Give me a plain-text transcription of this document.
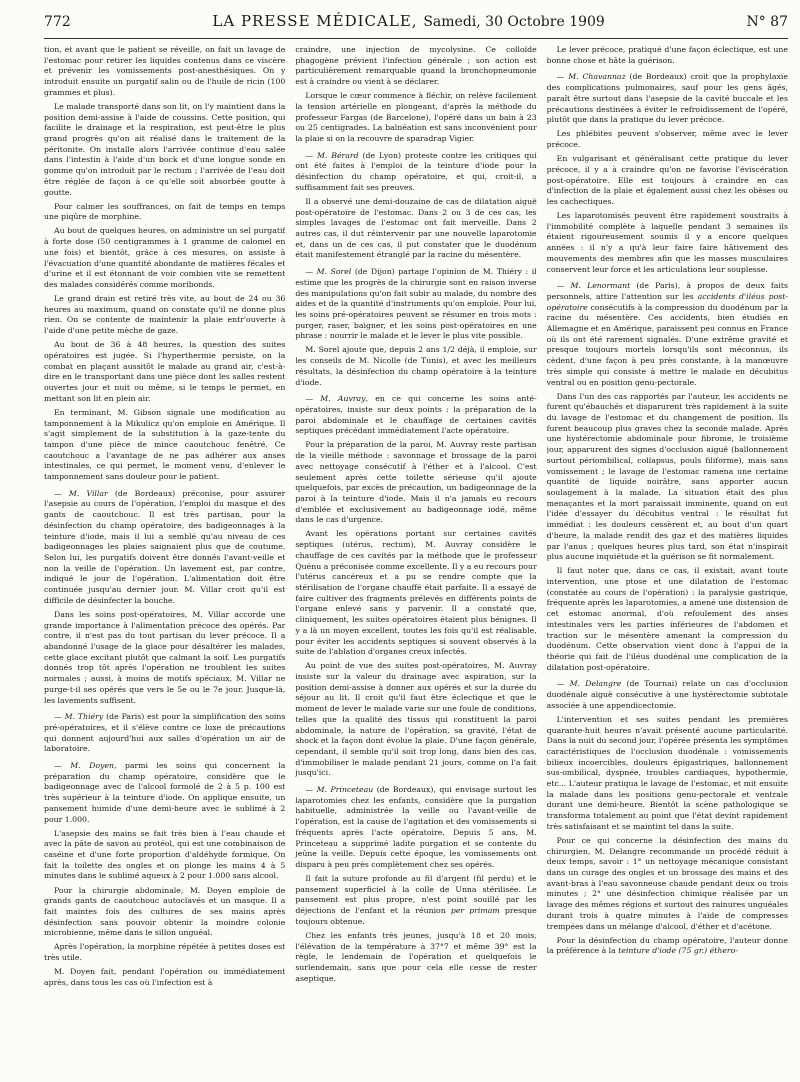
772	LA PRESSE MÉDICALE, Samedi, 30 Octobre 1909	N° 87

tion, et avant que le patient se réveille, on fait un lavage de l'estomac pour retirer les liquides contenus dans ce viscère et prévenir les vomissements post-anesthésiques. On y introduit ensuite un purgatif salin ou de l'huile de ricin (100 grammes et plus).

Le malade transporté dans son lit, on l'y maintient dans la position demi-assise à l'aide de coussins. Cette position, qui facilite le drainage et la respiration, est peut-être le plus grand progrès qu'on ait réalisé dans le traitement de la péritonite. On installe alors l'arrivée continue d'eau salée dans l'intestin à l'aide d'un bock et d'une longue sonde en gomme qu'on introduit par le rectum ; l'arrivée de l'eau doit être réglée de façon à ce qu'elle soit absorbée goutte à goutte.

Pour calmer les souffrances, on fait de temps en temps une piqûre de morphine.

Au bout de quelques heures, on administre un sel purgatif à forte dose (50 centigrammes à 1 gramme de calomel en une fois) et bientôt, grâce à ces mesures, on assiste à l'évacuation d'une quantité abondante de matières fécales et d'urine et il est étonnant de voir combien vite se remettent des malades considérés comme moribonds.

Le grand drain est retiré très vite, au bout de 24 ou 36 heures au maximum, quand on constate qu'il ne donne plus rien. On se contente de maintenir la plaie entr'ouverte à l'aide d'une petite mèche de gaze.

Au bout de 36 à 48 heures, la question des suites opératoires est jugée. Si l'hyperthermie persiste, on la combat en plaçant aussitôt le malade au grand air, c'est-à-dire en le transportant dans une pièce dont les salles restent ouvertes jour et nuit ou même, si le temps le permet, en mettant son lit en plein air.

En terminant, M. Gibson signale une modification au tamponnement à la Mikulicz qu'on emploie en Amérique. Il s'agit simplement de la substitution à la gaze-tente du tampon d'une pièce de mince caoutchouc fenêtré. Ce caoutchouc a l'avantage de ne pas adhérer aux anses intestinales, ce qui permet, le moment venu, d'enlever le tamponnement sans douleur pour le patient.

— M. Villar (de Bordeaux) préconise, pour assurer l'asepsie au cours de l'opération, l'emploi du masque et des gants de caoutchouc. Il est très partisan, pour la désinfection du champ opératoire, des badigeonnages à la teinture d'iode, mais il lui a semblé qu'au niveau de ces badigeonnages les plaies saignaient plus que de coutume. Selon lui, les purgatifs doivent être donnés l'avant-veille et non la veille de l'opération. Un lavement est, par contre, indiqué le jour de l'opération. L'alimentation doit être continuée jusqu'au dernier jour. M. Villar croit qu'il est difficile de désinfecter la bouche.

Dans les soins post-opératoires, M. Villar accorde une grande importance à l'alimentation précoce des opérés. Par contre, il n'est pas du tout partisan du lever précoce. Il a abandonné l'usage de la glace pour désaltérer les malades, cette glace excitant plutôt que calmant la soif. Les purgatifs donnés trop tôt après l'opération ne troublent les suites normales ; aussi, à moins de motifs spéciaux, M. Villar ne purge-t-il ses opérés que vers le 5e ou le 7e jour. Jusque-là, les lavements suffisent.

— M. Thiéry (de Paris) est pour la simplification des soins pré-opératoires, et il s'élève contre ce luxe de précautions qui donnent aujourd'hui aux salles d'opération un air de laboratoire.

— M. Doyen, parmi les soins qui concernent la préparation du champ opératoire, considère que le badigeonnage avec de l'alcool formolé de 2 à 5 p. 100 est très supérieur à la teinture d'iode. On applique ensuite, un pansement humide d'une demi-heure avec le sublimé à 2 pour 1.000.

L'asepsie des mains se fait très bien à l'eau chaude et avec la pâte de savon au protéol, qui est une combinaison de caséine et d'une forte proportion d'aldéhyde formique. On fait la toilette des ongles et on plonge les mains 4 à 5 minutes dans le sublimé aqueux à 2 pour 1.000 sans alcool.

Pour la chirurgie abdominale, M. Doyen emploie de grands gants de caoutchouc autoclavés et un masque. Il a fait maintes fois des cultures de ses mains après désinfection sans pouvoir obtenir la moindre colonie microbienne, même dans le sillon unguéal.

Après l'opération, la morphine répétée à petites doses est très utile.

M. Doyen fait, pendant l'opération ou immédiatement après, dans tous les cas où l'infection est à

craindre, une injection de mycolysine. Ce colloïde phagogène prévient l'infection générale ; son action est particulièrement remarquable quand la bronchopneumonie est à craindre ou vient à se déclarer.

Lorsque le cœur commence à fléchir, on relève facilement la tension artérielle en plongeant, d'après la méthode du professeur Fargas (de Barcelone), l'opéré dans un bain à 23 ou 25 centigrades. La balnéation est sans inconvénient pour la plaie si on la recouvre de sparadrap Vigier.

— M. Bérard (de Lyon) proteste contre les critiques qui ont été faites à l'emploi de la teinture d'iode pour la désinfection du champ opératoire, et qui, croit-il, a suffisamment fait ses preuves.

Il a observé une demi-douzaine de cas de dilatation aiguë post-opératoire de l'estomac. Dans 2 ou 3 de ces cas, les simples lavages de l'estomac ont fait merveille. Dans 2 autres cas, il dut réintervenir par une nouvelle laparotomie et, dans un de ces cas, il put constater que le duodénum était manifestement étranglé par la racine du mésentère.

— M. Sorel (de Dijon) partage l'opinion de M. Thiéry : il estime que les progrès de la chirurgie sont en raison inverse des manipulations qu'on fait subir au malade, du nombre des aides et de la quantité d'instruments qu'on emploie. Pour lui, les soins pré-opératoires peuvent se résumer en trois mots : purger, raser, baigner, et les soins post-opératoires en une phrase : nourrir le malade et le lever le plus vite possible.

M. Sorel ajoute que, depuis 2 ans 1/2 déjà, il emploie, sur les conseils de M. Nicolle (de Tunis), et avec les meilleurs résultats, la désinfection du champ opératoire à la teinture d'iode.

— M. Auvray, en ce qui concerne les soins anté-opératoires, insiste sur deux points : la préparation de la paroi abdominale et le chauffage de certaines cavités septiques précédant immédiatement l'acte opératoire.

Pour la préparation de la paroi, M. Auvray reste partisan de la vieille méthode : savonnage et brossage de la paroi avec nettoyage consécutif à l'éther et à l'alcool. C'est seulement après cette toilette sérieuse qu'il ajoute quelquefois, par excès de précaution, un badigeonnage de la paroi à la teinture d'iode. Mais il n'a jamais eu recours d'emblée et exclusivement au badigeonnage iodé, même dans le cas d'urgence.

Avant les opérations portant sur certaines cavités septiques (utérus, rectum), M. Auvray considère le chauffage de ces cavités par la méthode que le professeur Quénu a préconisée comme excellente. Il y a eu recours pour l'utérus cancéreux et a pu se rendre compte que la stérilisation de l'organe chauffé était parfaite. Il a essayé de faire cultiver des fragments prélevés en différents points de l'organe enlevé sans y parvenir. Il a constaté que, cliniquement, les suites opératoires étaient plus bénignes. Il y a là un moyen excellent, toutes les fois qu'il est réalisable, pour éviter les accidents septiques si souvent observés à la suite de l'ablation d'organes creux infectés.

Au point de vue des suites post-opératoires, M. Auvray insiste sur la valeur du drainage avec aspiration, sur la position demi-assise à donner aux opérés et sur la durée du séjour au lit. Il croit qu'il faut être éclectique et que le moment de lever le malade varie sur une foule de conditions, telles que la qualité des tissus qui constituent la paroi abdominale, la nature de l'opération, sa gravité, l'état de shock et la façon dont évolue la plaie. D'une façon générale, cependant, il semble qu'il soit trop long, dans bien des cas, d'immobiliser le malade pendant 21 jours, comme on l'a fait jusqu'ici.

— M. Princeteau (de Bordeaux), qui envisage surtout les laparotomies chez les enfants, considère que la purgation habituelle, administrée la veille ou l'avant-veille de l'opération, est la cause de l'agitation et des vomissements si fréquents après l'acte opératoire. Depuis 5 ans, M. Princeteau a supprimé ladite purgation et se contente du jeûne la veille. Depuis cette époque, les vomissements ont disparu à peu près complètement chez ses opérés.

Il fait la suture profonde au fil d'argent (fil perdu) et le pansement superficiel à la colle de Unna stérilisée. Le pansement est plus propre, n'est point souillé par les déjections de l'enfant et la réunion per primam presque toujours obtenue.

Chez les enfants très jeunes, jusqu'à 18 et 20 mois, l'élévation de la température à 37°7 et même 39° est la règle, le lendemain de l'opération et quelquefois le surlendemain, sans que pour cela elle cesse de rester aseptique.

Le lever précoce, pratiqué d'une façon éclectique, est une bonne chose et hâte la guérison.

— M. Chavannaz (de Bordeaux) croit que la prophylaxie des complications pulmonaires, sauf pour les gens âgés, paraît être surtout dans l'asepsie de la cavité buccale et les précautions destinées à éviter le refroidissement de l'opéré, plutôt que dans la pratique du lever précoce.

Les phlébites peuvent s'observer, même avec le lever précoce.

En vulgarisant et généralisant cette pratique du lever précoce, il y a à craindre qu'on ne favorise l'éviscération post-opératoire. Elle est toujours à craindre en cas d'infection de la plaie et également aussi chez les obèses ou les cachectiques.

Les laparotomisés peuvent être rapidement soustraits à l'immobilité complète à laquelle pendant 3 semaines ils étaient rigoureusement soumis il y a encore quelques années : il n'y a qu'à leur faire faire hâtivement des mouvements des membres afin que les masses musculaires conservent leur force et les articulations leur souplesse.

— M. Lenormant (de Paris), à propos de deux faits personnels, attire l'attention sur les accidents d'iléus post-opératoire consécutifs à la compression du duodénum par la racine du mésentère. Ces accidents, bien étudiés en Allemagne et en Amérique, paraissent peu connus en France où ils ont été rarement signalés. D'une extrême gravité et presque toujours mortels lorsqu'ils sont méconnus, ils cèdent, d'une façon à peu près constante, à la manœuvre très simple qui consiste à mettre le malade en décubitus ventral ou en position genu-pectorale.

Dans l'un des cas rapportés par l'auteur, les accidents ne furent qu'ébauchés et disparurent très rapidement à la suite du lavage de l'estomac et du changement de position. Ils furent beaucoup plus graves chez la seconde malade. Après une hystérectomie abdominale pour fibrome, le troisième jour, apparurent des signes d'occlusion aiguë (ballonnement surtout périombilical, collapsus, pouls filiforme), mais sans vomissement ; le lavage de l'estomac ramena une certaine quantité de liquide noirâtre, sans apporter aucun soulagement à la malade. La situation était des plus menaçantes et la mort paraissait imminente, quand on eut l'idée d'essayer du décubitus ventral : le résultat fut immédiat : les douleurs cessèrent et, au bout d'un quart d'heure, la malade rendit des gaz et des matières liquides par l'anus ; quelques heures plus tard, son état n'inspirait plus aucune inquiétude et la guérison se fit normalement.

Il faut noter que, dans ce cas, il existait, avant toute intervention, une ptose et une dilatation de l'estomac (constatée au cours de l'opération) : la paralysie gastrique, fréquente après les laparotomies, a amené une distension de cet estomac anormal, d'où refoulement des anses intestinales vers les parties inférieures de l'abdomen et traction sur le mésentère amenant la compression du duodénum. Cette observation vient donc à l'appui de la théorie qui fait de l'iléus duodénal une complication de la dilatation post-opératoire.

— M. Delangre (de Tournai) relate un cas d'occlusion duodénale aiguë consécutive à une hystérectomie subtotale associée à une appendicectomie.

L'intervention et ses suites pendant les premières quarante-huit heures n'avait présenté aucune particularité. Dans la nuit du second jour, l'opérée présenta les symptômes caractéristiques de l'occlusion duodénale : vomissements bilieux incoercibles, douleurs épigastriques, ballonnement sus-ombilical, dyspnée, troubles cardiaques, hypothermie, etc... L'auteur pratiqua le lavage de l'estomac, et mit ensuite la malade dans les positions genu-pectorale et ventrale durant une demi-heure. Bientôt la scène pathologique se transforma totalement au point que l'état devint rapidement très satisfaisant et se maintint tel dans la suite.

Pour ce qui concerne la désinfection des mains du chirurgien, M. Delangre recommande un procédé réduit à deux temps, savoir : 1° un nettoyage mécanique consistant dans un curage des ongles et un brossage des mains et des avant-bras à l'eau savonneuse chaude pendant deux ou trois minutes ; 2° une désinfection chimique réalisée par un lavage des mêmes régions et surtout des rainures unguéales durant trois à quatre minutes à l'aide de compresses trempées dans un mélange d'alcool, d'éther et d'acétone.

Pour la désinfection du champ opératoire, l'auteur donne la préférence à la teinture d'iode (75 gr.) éthero-
